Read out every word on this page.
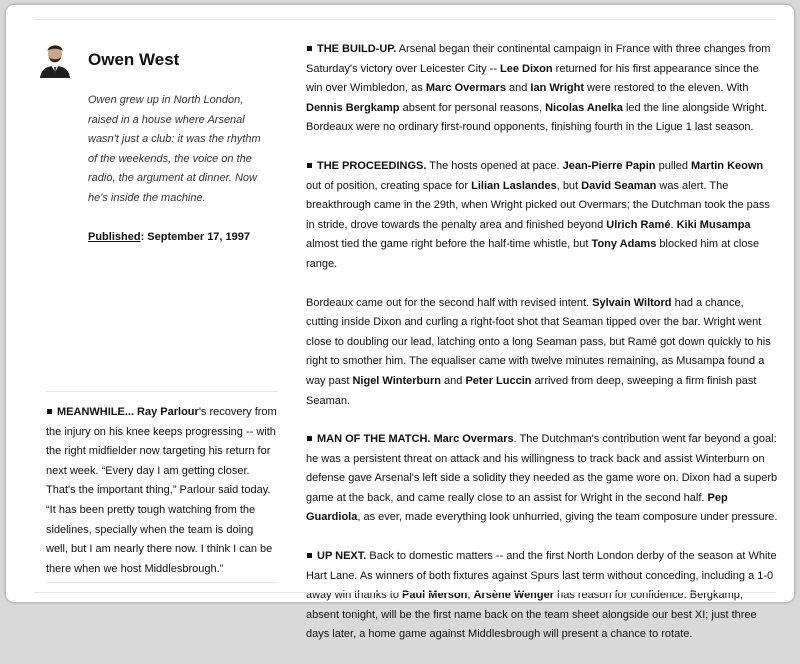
Owen West
Owen grew up in North London, raised in a house where Arsenal wasn't just a club: it was the rhythm of the weekends, the voice on the radio, the argument at dinner. Now he's inside the machine.
Published: September 17, 1997

MEANWHILE... Ray Parlour's recovery from the injury on his knee keeps progressing -- with the right midfielder now targeting his return for next week. “Every day I am getting closer. That's the important thing,” Parlour said today. “It has been pretty tough watching from the sidelines, specially when the team is doing well, but I am nearly there now. I think I can be there when we host Middlesbrough.”

THE BUILD-UP. Arsenal began their continental campaign in France with three changes from Saturday's victory over Leicester City -- Lee Dixon returned for his first appearance since the win over Wimbledon, as Marc Overmars and Ian Wright were restored to the eleven. With Dennis Bergkamp absent for personal reasons, Nicolas Anelka led the line alongside Wright. Bordeaux were no ordinary first-round opponents, finishing fourth in the Ligue 1 last season.

THE PROCEEDINGS. The hosts opened at pace. Jean-Pierre Papin pulled Martin Keown out of position, creating space for Lilian Laslandes, but David Seaman was alert. The breakthrough came in the 29th, when Wright picked out Overmars; the Dutchman took the pass in stride, drove towards the penalty area and finished beyond Ulrich Ramé. Kiki Musampa almost tied the game right before the half-time whistle, but Tony Adams blocked him at close range.

Bordeaux came out for the second half with revised intent. Sylvain Wiltord had a chance, cutting inside Dixon and curling a right-foot shot that Seaman tipped over the bar. Wright went close to doubling our lead, latching onto a long Seaman pass, but Ramé got down quickly to his right to smother him. The equaliser came with twelve minutes remaining, as Musampa found a way past Nigel Winterburn and Peter Luccin arrived from deep, sweeping a firm finish past Seaman.

MAN OF THE MATCH. Marc Overmars. The Dutchman's contribution went far beyond a goal: he was a persistent threat on attack and his willingness to track back and assist Winterburn on defense gave Arsenal's left side a solidity they needed as the game wore on. Dixon had a superb game at the back, and came really close to an assist for Wright in the second half. Pep Guardiola, as ever, made everything look unhurried, giving the team composure under pressure.

UP NEXT. Back to domestic matters -- and the first North London derby of the season at White Hart Lane. As winners of both fixtures against Spurs last term without conceding, including a 1-0 away win thanks to Paul Merson, Arsène Wenger has reason for confidence. Bergkamp, absent tonight, will be the first name back on the team sheet alongside our best XI; just three days later, a home game against Middlesbrough will present a chance to rotate.
